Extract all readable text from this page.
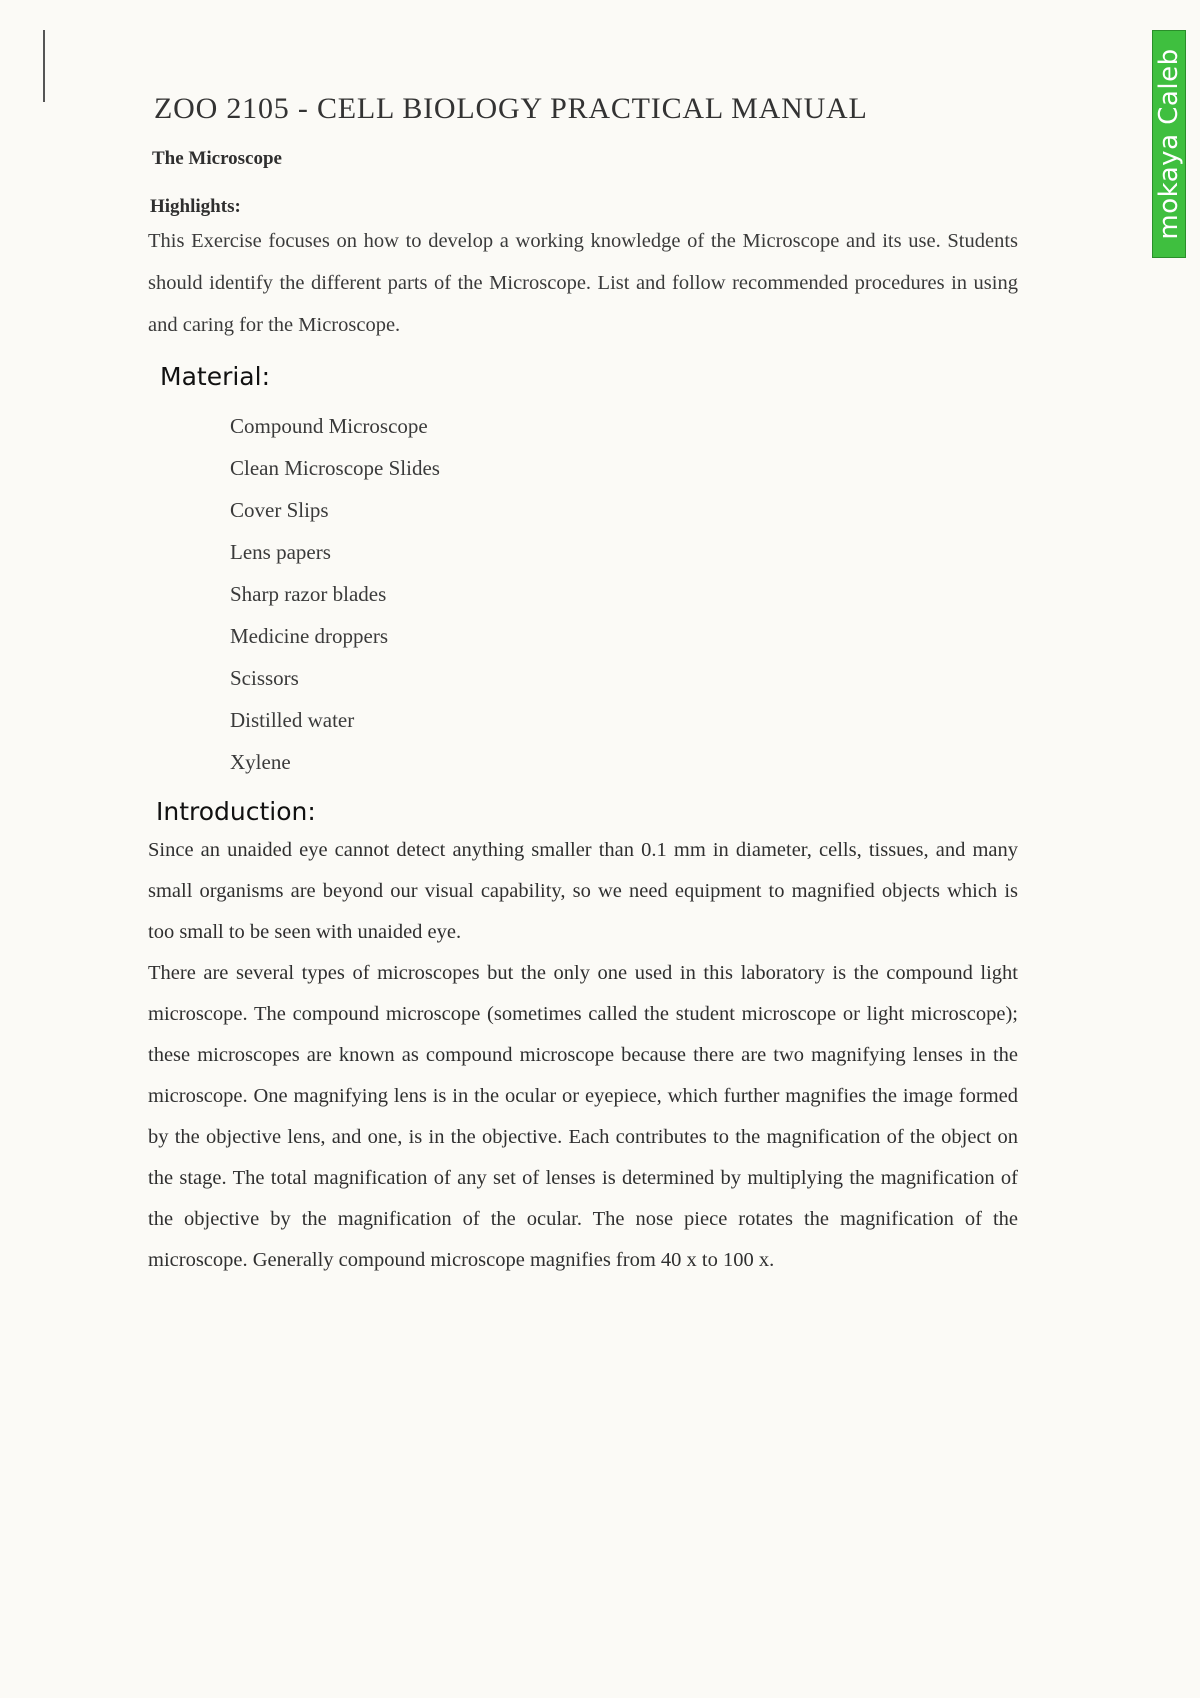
mokaya Caleb
ZOO 2105 - CELL BIOLOGY PRACTICAL MANUAL
The Microscope
Highlights:

This Exercise focuses on how to develop a working knowledge of the Microscope and its use. Students should identify the different parts of the Microscope. List and follow recommended procedures in using and caring for the Microscope.

Material:
Compound Microscope
Clean Microscope Slides
Cover Slips
Lens papers
Sharp razor blades
Medicine droppers
Scissors
Distilled water
Xylene
Introduction:

Since an unaided eye cannot detect anything smaller than 0.1 mm in diameter, cells, tissues, and many small organisms are beyond our visual capability, so we need equipment to magnified objects which is too small to be seen with unaided eye.

There are several types of microscopes but the only one used in this laboratory is the compound light microscope. The compound microscope (sometimes called the student microscope or light microscope); these microscopes are known as compound microscope because there are two magnifying lenses in the microscope. One magnifying lens is in the ocular or eyepiece, which further magnifies the image formed by the objective lens, and one, is in the objective. Each contributes to the magnification of the object on the stage. The total magnification of any set of lenses is determined by multiplying the magnification of the objective by the magnification of the ocular. The nose piece rotates the magnification of the microscope. Generally compound microscope magnifies from 40 x to 100 x.
